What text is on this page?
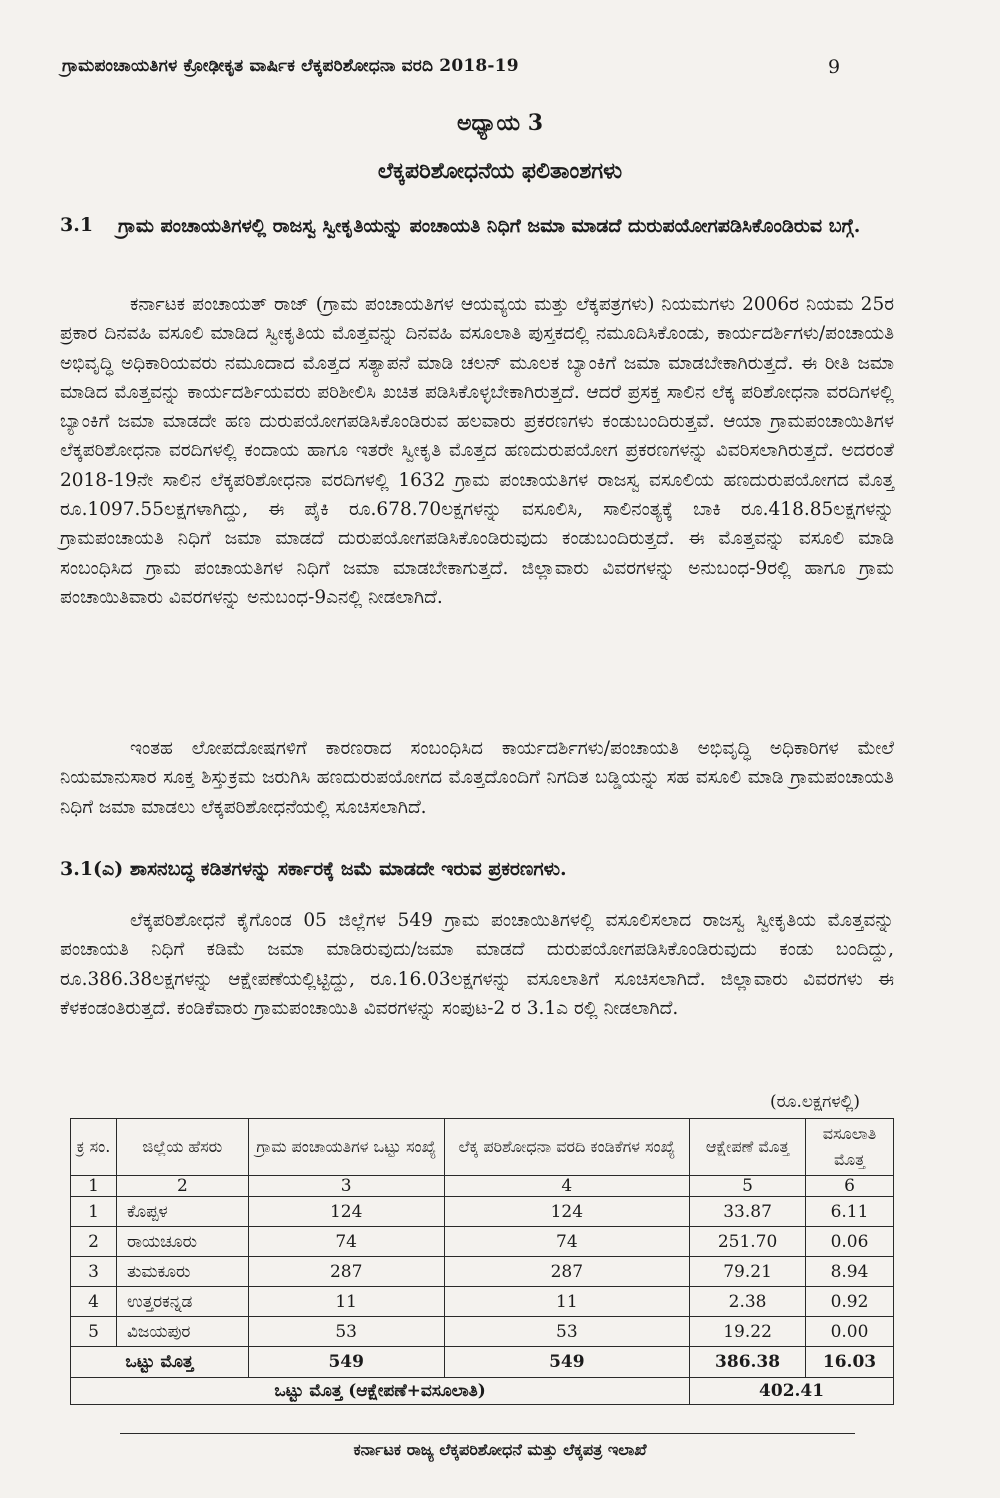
ಗ್ರಾಮಪಂಚಾಯತಿಗಳ ಕ್ರೋಢೀಕೃತ ವಾರ್ಷಿಕ ಲೆಕ್ಕಪರಿಶೋಧನಾ ವರದಿ 2018-19	9
ಅಧ್ಯಾಯ 3
ಲೆಕ್ಕಪರಿಶೋಧನೆಯ ಫಲಿತಾಂಶಗಳು
3.1 ಗ್ರಾಮ ಪಂಚಾಯತಿಗಳಲ್ಲಿ ರಾಜಸ್ವ ಸ್ವೀಕೃತಿಯನ್ನು ಪಂಚಾಯತಿ ನಿಧಿಗೆ ಜಮಾ ಮಾಡದೆ ದುರುಪಯೋಗಪಡಿಸಿಕೊಂಡಿರುವ ಬಗ್ಗೆ.

ಕರ್ನಾಟಕ ಪಂಚಾಯತ್ ರಾಜ್ (ಗ್ರಾಮ ಪಂಚಾಯತಿಗಳ ಆಯವ್ಯಯ ಮತ್ತು ಲೆಕ್ಕಪತ್ರಗಳು) ನಿಯಮಗಳು 2006ರ ನಿಯಮ 25ರ ಪ್ರಕಾರ ದಿನವಹಿ ವಸೂಲಿ ಮಾಡಿದ ಸ್ವೀಕೃತಿಯ ಮೊತ್ತವನ್ನು ದಿನವಹಿ ವಸೂಲಾತಿ ಪುಸ್ತಕದಲ್ಲಿ ನಮೂದಿಸಿಕೊಂಡು, ಕಾರ್ಯದರ್ಶಿಗಳು/ಪಂಚಾಯತಿ ಅಭಿವೃದ್ಧಿ ಅಧಿಕಾರಿಯವರು ನಮೂದಾದ ಮೊತ್ತದ ಸತ್ಯಾಪನೆ ಮಾಡಿ ಚಲನ್ ಮೂಲಕ ಬ್ಯಾಂಕಿಗೆ ಜಮಾ ಮಾಡಬೇಕಾಗಿರುತ್ತದೆ. ಈ ರೀತಿ ಜಮಾ ಮಾಡಿದ ಮೊತ್ತವನ್ನು ಕಾರ್ಯದರ್ಶಿಯವರು ಪರಿಶೀಲಿಸಿ ಖಚಿತ ಪಡಿಸಿಕೊಳ್ಳಬೇಕಾಗಿರುತ್ತದೆ. ಆದರೆ ಪ್ರಸಕ್ತ ಸಾಲಿನ ಲೆಕ್ಕ ಪರಿಶೋಧನಾ ವರದಿಗಳಲ್ಲಿ ಬ್ಯಾಂಕಿಗೆ ಜಮಾ ಮಾಡದೇ ಹಣ ದುರುಪಯೋಗಪಡಿಸಿಕೊಂಡಿರುವ ಹಲವಾರು ಪ್ರಕರಣಗಳು ಕಂಡುಬಂದಿರುತ್ತವೆ. ಆಯಾ ಗ್ರಾಮಪಂಚಾಯಿತಿಗಳ ಲೆಕ್ಕಪರಿಶೋಧನಾ ವರದಿಗಳಲ್ಲಿ ಕಂದಾಯ ಹಾಗೂ ಇತರೇ ಸ್ವೀಕೃತಿ ಮೊತ್ತದ ಹಣದುರುಪಯೋಗ ಪ್ರಕರಣಗಳನ್ನು ವಿವರಿಸಲಾಗಿರುತ್ತದೆ. ಅದರಂತೆ 2018-19ನೇ ಸಾಲಿನ ಲೆಕ್ಕಪರಿಶೋಧನಾ ವರದಿಗಳಲ್ಲಿ 1632 ಗ್ರಾಮ ಪಂಚಾಯತಿಗಳ ರಾಜಸ್ವ ವಸೂಲಿಯ ಹಣದುರುಪಯೋಗದ ಮೊತ್ತ ರೂ.1097.55ಲಕ್ಷಗಳಾಗಿದ್ದು, ಈ ಪೈಕಿ ರೂ.678.70ಲಕ್ಷಗಳನ್ನು ವಸೂಲಿಸಿ, ಸಾಲಿನಂತ್ಯಕ್ಕೆ ಬಾಕಿ ರೂ.418.85ಲಕ್ಷಗಳನ್ನು ಗ್ರಾಮಪಂಚಾಯತಿ ನಿಧಿಗೆ ಜಮಾ ಮಾಡದೆ ದುರುಪಯೋಗಪಡಿಸಿಕೊಂಡಿರುವುದು ಕಂಡುಬಂದಿರುತ್ತದೆ. ಈ ಮೊತ್ತವನ್ನು ವಸೂಲಿ ಮಾಡಿ ಸಂಬಂಧಿಸಿದ ಗ್ರಾಮ ಪಂಚಾಯತಿಗಳ ನಿಧಿಗೆ ಜಮಾ ಮಾಡಬೇಕಾಗುತ್ತದೆ. ಜಿಲ್ಲಾವಾರು ವಿವರಗಳನ್ನು ಅನುಬಂಧ-9ರಲ್ಲಿ ಹಾಗೂ ಗ್ರಾಮ ಪಂಚಾಯಿತಿವಾರು ವಿವರಗಳನ್ನು ಅನುಬಂಧ-9ಎನಲ್ಲಿ ನೀಡಲಾಗಿದೆ.

ಇಂತಹ ಲೋಪದೋಷಗಳಿಗೆ ಕಾರಣರಾದ ಸಂಬಂಧಿಸಿದ ಕಾರ್ಯದರ್ಶಿಗಳು/ಪಂಚಾಯತಿ ಅಭಿವೃದ್ಧಿ ಅಧಿಕಾರಿಗಳ ಮೇಲೆ ನಿಯಮಾನುಸಾರ ಸೂಕ್ತ ಶಿಸ್ತುಕ್ರಮ ಜರುಗಿಸಿ ಹಣದುರುಪಯೋಗದ ಮೊತ್ತದೊಂದಿಗೆ ನಿಗದಿತ ಬಡ್ಡಿಯನ್ನು ಸಹ ವಸೂಲಿ ಮಾಡಿ ಗ್ರಾಮಪಂಚಾಯತಿ ನಿಧಿಗೆ ಜಮಾ ಮಾಡಲು ಲೆಕ್ಕಪರಿಶೋಧನೆಯಲ್ಲಿ ಸೂಚಿಸಲಾಗಿದೆ.

3.1(ಎ) ಶಾಸನಬದ್ಧ ಕಡಿತಗಳನ್ನು ಸರ್ಕಾರಕ್ಕೆ ಜಮೆ ಮಾಡದೇ ಇರುವ ಪ್ರಕರಣಗಳು.

ಲೆಕ್ಕಪರಿಶೋಧನೆ ಕೈಗೊಂಡ 05 ಜಿಲ್ಲೆಗಳ 549 ಗ್ರಾಮ ಪಂಚಾಯಿತಿಗಳಲ್ಲಿ ವಸೂಲಿಸಲಾದ ರಾಜಸ್ವ ಸ್ವೀಕೃತಿಯ ಮೊತ್ತವನ್ನು ಪಂಚಾಯತಿ ನಿಧಿಗೆ ಕಡಿಮೆ ಜಮಾ ಮಾಡಿರುವುದು/ಜಮಾ ಮಾಡದೆ ದುರುಪಯೋಗಪಡಿಸಿಕೊಂಡಿರುವುದು ಕಂಡು ಬಂದಿದ್ದು, ರೂ.386.38ಲಕ್ಷಗಳನ್ನು ಆಕ್ಷೇಪಣೆಯಲ್ಲಿಟ್ಟಿದ್ದು, ರೂ.16.03ಲಕ್ಷಗಳನ್ನು ವಸೂಲಾತಿಗೆ ಸೂಚಿಸಲಾಗಿದೆ. ಜಿಲ್ಲಾವಾರು ವಿವರಗಳು ಈ ಕೆಳಕಂಡಂತಿರುತ್ತದೆ. ಕಂಡಿಕೆವಾರು ಗ್ರಾಮಪಂಚಾಯಿತಿ ವಿವರಗಳನ್ನು ಸಂಪುಟ-2 ರ 3.1ಎ ರಲ್ಲಿ ನೀಡಲಾಗಿದೆ.

(ರೂ.ಲಕ್ಷಗಳಲ್ಲಿ)
ಕ್ರ ಸಂ.	ಜಿಲ್ಲೆಯ ಹೆಸರು	ಗ್ರಾಮ ಪಂಚಾಯತಿಗಳ ಒಟ್ಟು ಸಂಖ್ಯೆ	ಲೆಕ್ಕ ಪರಿಶೋಧನಾ ವರದಿ ಕಂಡಿಕೆಗಳ ಸಂಖ್ಯೆ	ಆಕ್ಷೇಪಣೆ ಮೊತ್ತ	ವಸೂಲಾತಿ ಮೊತ್ತ
1	2	3	4	5	6
1	ಕೊಪ್ಪಳ	124	124	33.87	6.11
2	ರಾಯಚೂರು	74	74	251.70	0.06
3	ತುಮಕೂರು	287	287	79.21	8.94
4	ಉತ್ತರಕನ್ನಡ	11	11	2.38	0.92
5	ವಿಜಯಪುರ	53	53	19.22	0.00
ಒಟ್ಟು ಮೊತ್ತ		549	549	386.38	16.03
ಒಟ್ಟು ಮೊತ್ತ (ಆಕ್ಷೇಪಣೆ+ವಸೂಲಾತಿ)				402.41	
ಕರ್ನಾಟಕ ರಾಜ್ಯ ಲೆಕ್ಕಪರಿಶೋಧನೆ ಮತ್ತು ಲೆಕ್ಕಪತ್ರ ಇಲಾಖೆ
